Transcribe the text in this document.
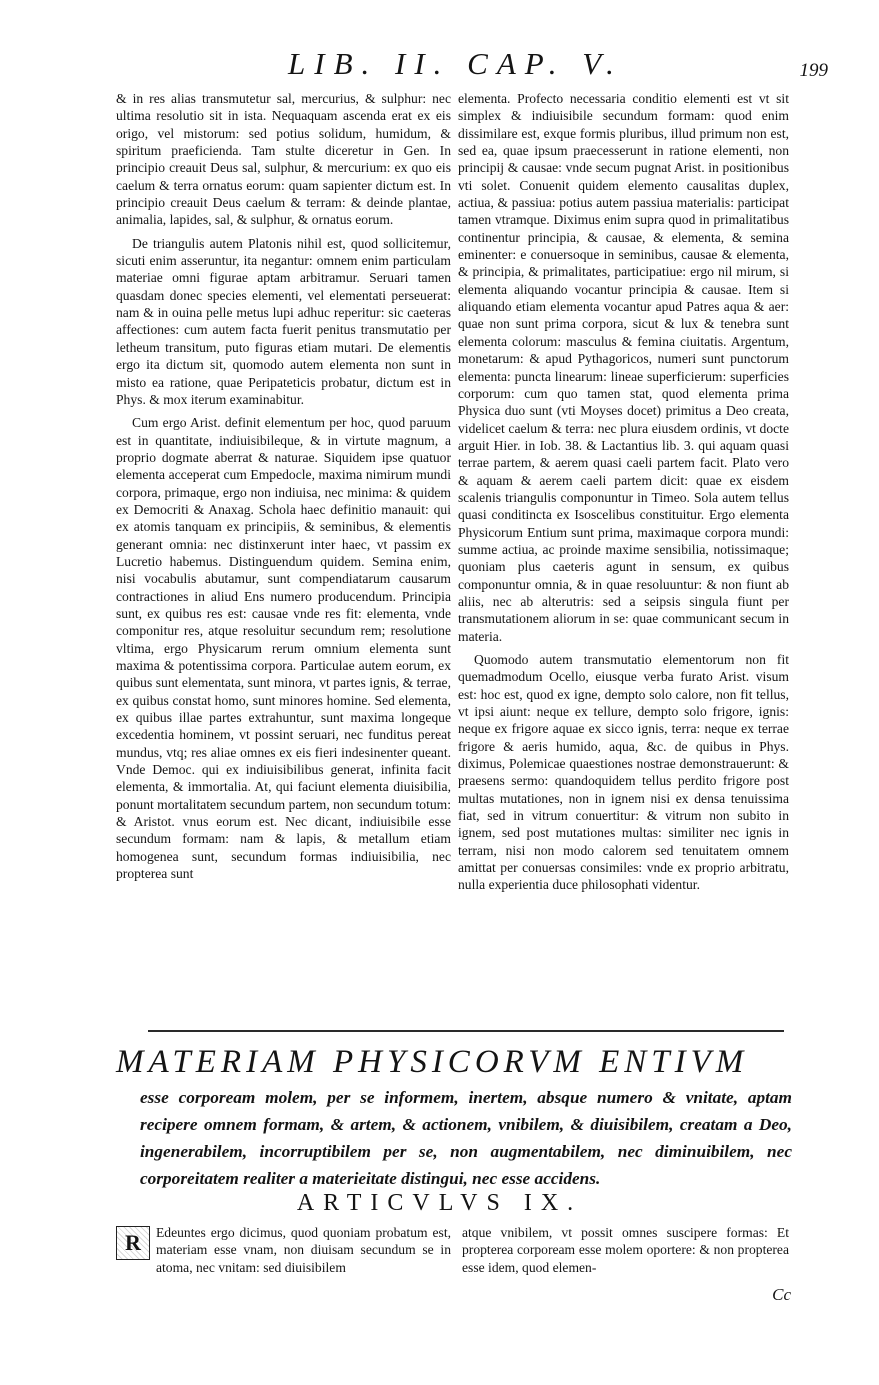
LIB. II. CAP. V.	199

& in res alias transmutetur sal, mercurius, & sulphur: nec ultima resolutio sit in ista. Nequaquam ascenda erat ex eis origo, vel mistorum: sed potius solidum, humidum, & spiritum praeficienda. Tam stulte diceretur in Gen. In principio creauit Deus sal, sulphur, & mercurium: ex quo eis caelum & terra ornatus eorum: quam sapienter dictum est. In principio creauit Deus caelum & terram: & deinde plantae, animalia, lapides, sal, & sulphur, & ornatus eorum.

De triangulis autem Platonis nihil est, quod sollicitemur, sicuti enim asseruntur, ita negantur: omnem enim particulam materiae omni figurae aptam arbitramur. Seruari tamen quasdam donec species elementi, vel elementati perseuerat: nam & in ouina pelle metus lupi adhuc reperitur: sic caeteras affectiones: cum autem facta fuerit penitus transmutatio per letheum transitum, puto figuras etiam mutari. De elementis ergo ita dictum sit, quomodo autem elementa non sunt in misto ea ratione, quae Peripateticis probatur, dictum est in Phys. & mox iterum examinabitur.

Cum ergo Arist. definit elementum per hoc, quod paruum est in quantitate, indiuisibileque, & in virtute magnum, a proprio dogmate aberrat & naturae. Siquidem ipse quatuor elementa acceperat cum Empedocle, maxima nimirum mundi corpora, primaque, ergo non indiuisa, nec minima: & quidem ex Democriti & Anaxag. Schola haec definitio manauit: qui ex atomis tanquam ex principiis, & seminibus, & elementis generant omnia: nec distinxerunt inter haec, vt passim ex Lucretio habemus. Distinguendum quidem. Semina enim, nisi vocabulis abutamur, sunt compendiatarum causarum contractiones in aliud Ens numero producendum. Principia sunt, ex quibus res est: causae vnde res fit: elementa, vnde componitur res, atque resoluitur secundum rem; resolutione vltima, ergo Physicarum rerum omnium elementa sunt maxima & potentissima corpora. Particulae autem eorum, ex quibus sunt elementata, sunt minora, vt partes ignis, & terrae, ex quibus constat homo, sunt minores homine. Sed elementa, ex quibus illae partes extrahuntur, sunt maxima longeque excedentia hominem, vt possint seruari, nec funditus pereat mundus, vtq; res aliae omnes ex eis fieri indesinenter queant. Vnde Democ. qui ex indiuisibilibus generat, infinita facit elementa, & immortalia. At, qui faciunt elementa diuisibilia, ponunt mortalitatem secundum partem, non secundum totum: & Aristot. vnus eorum est. Nec dicant, indiuisibile esse secundum formam: nam & lapis, & metallum etiam homogenea sunt, secundum formas indiuisibilia, nec propterea sunt

elementa. Profecto necessaria conditio elementi est vt sit simplex & indiuisibile secundum formam: quod enim dissimilare est, exque formis pluribus, illud primum non est, sed ea, quae ipsum praecesserunt in ratione elementi, non principij & causae: vnde secum pugnat Arist. in positionibus vti solet. Conuenit quidem elemento causalitas duplex, actiua, & passiua: potius autem passiua materialis: participat tamen vtramque. Diximus enim supra quod in primalitatibus continentur principia, & causae, & elementa, & semina eminenter: e conuersoque in seminibus, causae & elementa, & principia, & primalitates, participatiue: ergo nil mirum, si elementa aliquando vocantur principia & causae. Item si aliquando etiam elementa vocantur apud Patres aqua & aer: quae non sunt prima corpora, sicut & lux & tenebra sunt elementa colorum: masculus & femina ciuitatis. Argentum, monetarum: & apud Pythagoricos, numeri sunt punctorum elementa: puncta linearum: lineae superficierum: superficies corporum: cum quo tamen stat, quod elementa prima Physica duo sunt (vti Moyses docet) primitus a Deo creata, videlicet caelum & terra: nec plura eiusdem ordinis, vt docte arguit Hier. in Iob. 38. & Lactantius lib. 3. qui aquam quasi terrae partem, & aerem quasi caeli partem facit. Plato vero & aquam & aerem caeli partem dicit: quae ex eisdem scalenis triangulis componuntur in Timeo. Sola autem tellus quasi conditincta ex Isoscelibus constituitur. Ergo elementa Physicorum Entium sunt prima, maximaque corpora mundi: summe actiua, ac proinde maxime sensibilia, notissimaque; quoniam plus caeteris agunt in sensum, ex quibus componuntur omnia, & in quae resoluuntur: & non fiunt ab aliis, nec ab alterutris: sed a seipsis singula fiunt per transmutationem aliorum in se: quae communicant secum in materia.

Quomodo autem transmutatio elementorum non fit quemadmodum Ocello, eiusque verba furato Arist. visum est: hoc est, quod ex igne, dempto solo calore, non fit tellus, vt ipsi aiunt: neque ex tellure, dempto solo frigore, ignis: neque ex frigore aquae ex sicco ignis, terra: neque ex terrae frigore & aeris humido, aqua, &c. de quibus in Phys. diximus, Polemicae quaestiones nostrae demonstrauerunt: & praesens sermo: quandoquidem tellus perdito frigore post multas mutationes, non in ignem nisi ex densa tenuissima fiat, sed in vitrum conuertitur: & vitrum non subito in ignem, sed post mutationes multas: similiter nec ignis in terram, nisi non modo calorem sed tenuitatem omnem amittat per conuersas consimiles: vnde ex proprio arbitratu, nulla experientia duce philosophati videntur.

MATERIAM PHYSICORVM ENTIVM

esse corpoream molem, per se informem, inertem, absque numero & vnitate, aptam recipere omnem formam, & artem, & actionem, vnibilem, & diuisibilem, creatam a Deo, ingenerabilem, incorruptibilem per se, non augmentabilem, nec diminuibilem, nec corporeitatem realiter a materieitate distingui, nec esse accidens.

ARTICVLVS IX.

R	Edeuntes ergo dicimus, quod quoniam probatum est, materiam esse vnam, non diuisam secundum se in atoma, nec vnitam: sed diuisibilem

atque vnibilem, vt possit omnes suscipere formas: Et propterea corpoream esse molem oportere: & non propterea esse idem, quod elemen-

Cc
